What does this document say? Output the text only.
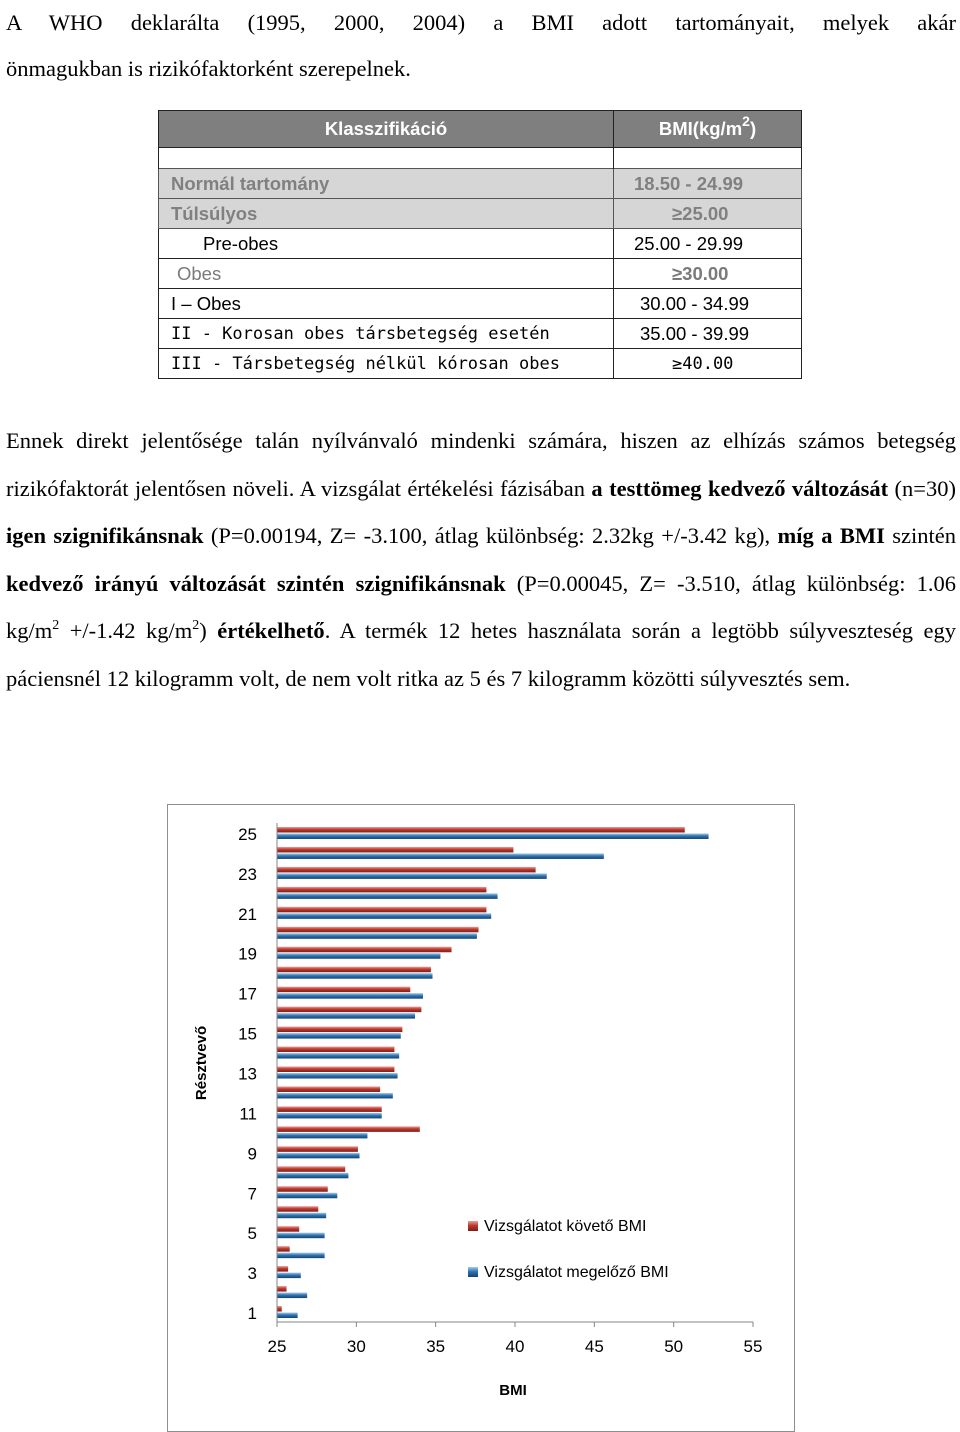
A WHO deklarálta (1995, 2000, 2004) a BMI adott tartományait, melyek akár
önmagukban is rizikófaktorként szerepelnek.
Klasszifikáció	$BMI(kg/m^2)$

Normál tartomány	18.50 - 24.99
Túlsúlyos	≥25.00
Pre-obes	25.00 - 29.99
Obes	≥30.00
I – Obes	30.00 - 34.99
II - Korosan obes társbetegség esetén	35.00 - 39.99
III - Társbetegség nélkül kórosan obes	≥40.00
Ennek direkt jelentősége talán nyílvánvaló mindenki számára, hiszen az elhízás számos betegség rizikófaktorát jelentősen növeli. A vizsgálat értékelési fázisában a testtömeg kedvező változását (n=30) igen szignifikánsnak (P=0.00194, Z= -3.100, átlag különbség: 2.32kg +/-3.42 kg), míg a BMI szintén kedvező irányú változását szintén szignifikánsnak (P=0.00045, Z= -3.510, átlag különbség: 1.06 $kg/m^2 +/-1.42$ $kg/m^2$) értékelhető. A termék 12 hetes használata során a legtöbb súlyveszteség egy páciensnél 12 kilogramm volt, de nem volt ritka az 5 és 7 kilogramm közötti súlyvesztés sem.
1
3
5
7
9
11
13
15
17
19
21
23
25
25	30	35	40	45	50	55
BMI
Résztvevő
Vizsgálatot követő BMI
Vizsgálatot megelőző BMI
